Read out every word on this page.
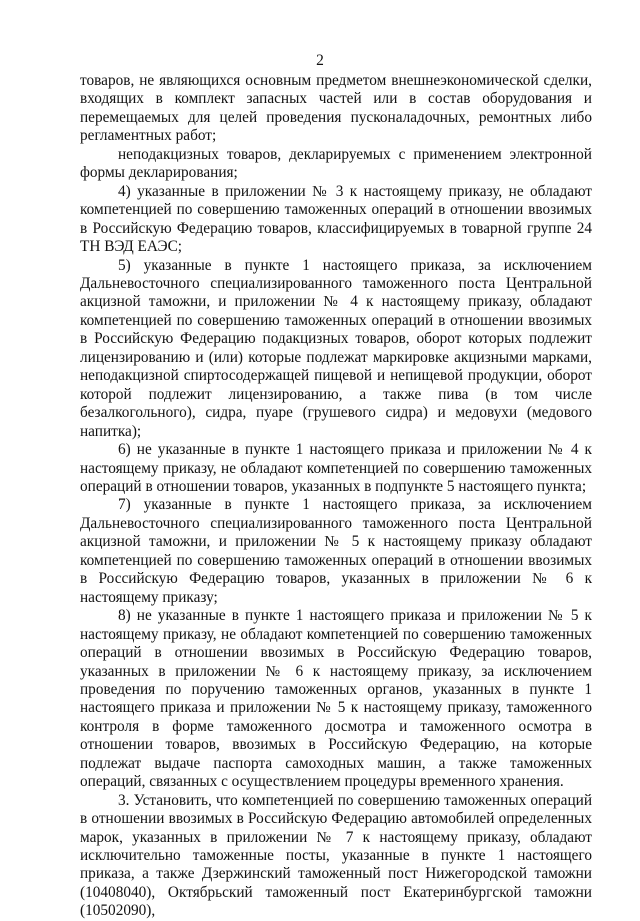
2

товаров, не являющихся основным предметом внешнеэкономической сделки, входящих в комплект запасных частей или в состав оборудования и перемещаемых для целей проведения пусконаладочных, ремонтных либо регламентных работ;

неподакцизных товаров, декларируемых с применением электронной формы декларирования;

4) указанные в приложении № 3 к настоящему приказу, не обладают компетенцией по совершению таможенных операций в отношении ввозимых в Российскую Федерацию товаров, классифицируемых в товарной группе 24 ТН ВЭД ЕАЭС;

5) указанные в пункте 1 настоящего приказа, за исключением Дальневосточного специализированного таможенного поста Центральной акцизной таможни, и приложении № 4 к настоящему приказу, обладают компетенцией по совершению таможенных операций в отношении ввозимых в Российскую Федерацию подакцизных товаров, оборот которых подлежит лицензированию и (или) которые подлежат маркировке акцизными марками, неподакцизной спиртосодержащей пищевой и непищевой продукции, оборот которой подлежит лицензированию, а также пива (в том числе безалкогольного), сидра, пуаре (грушевого сидра) и медовухи (медового напитка);

6) не указанные в пункте 1 настоящего приказа и приложении № 4 к настоящему приказу, не обладают компетенцией по совершению таможенных операций в отношении товаров, указанных в подпункте 5 настоящего пункта;

7) указанные в пункте 1 настоящего приказа, за исключением Дальневосточного специализированного таможенного поста Центральной акцизной таможни, и приложении № 5 к настоящему приказу обладают компетенцией по совершению таможенных операций в отношении ввозимых в Российскую Федерацию товаров, указанных в приложении № 6 к настоящему приказу;

8) не указанные в пункте 1 настоящего приказа и приложении № 5 к настоящему приказу, не обладают компетенцией по совершению таможенных операций в отношении ввозимых в Российскую Федерацию товаров, указанных в приложении № 6 к настоящему приказу, за исключением проведения по поручению таможенных органов, указанных в пункте 1 настоящего приказа и приложении № 5 к настоящему приказу, таможенного контроля в форме таможенного досмотра и таможенного осмотра в отношении товаров, ввозимых в Российскую Федерацию, на которые подлежат выдаче паспорта самоходных машин, а также таможенных операций, связанных с осуществлением процедуры временного хранения.

3. Установить, что компетенцией по совершению таможенных операций в отношении ввозимых в Российскую Федерацию автомобилей определенных марок, указанных в приложении № 7 к настоящему приказу, обладают исключительно таможенные посты, указанные в пункте 1 настоящего приказа, а также Дзержинский таможенный пост Нижегородской таможни (10408040), Октябрьский таможенный пост Екатеринбургской таможни (10502090),
